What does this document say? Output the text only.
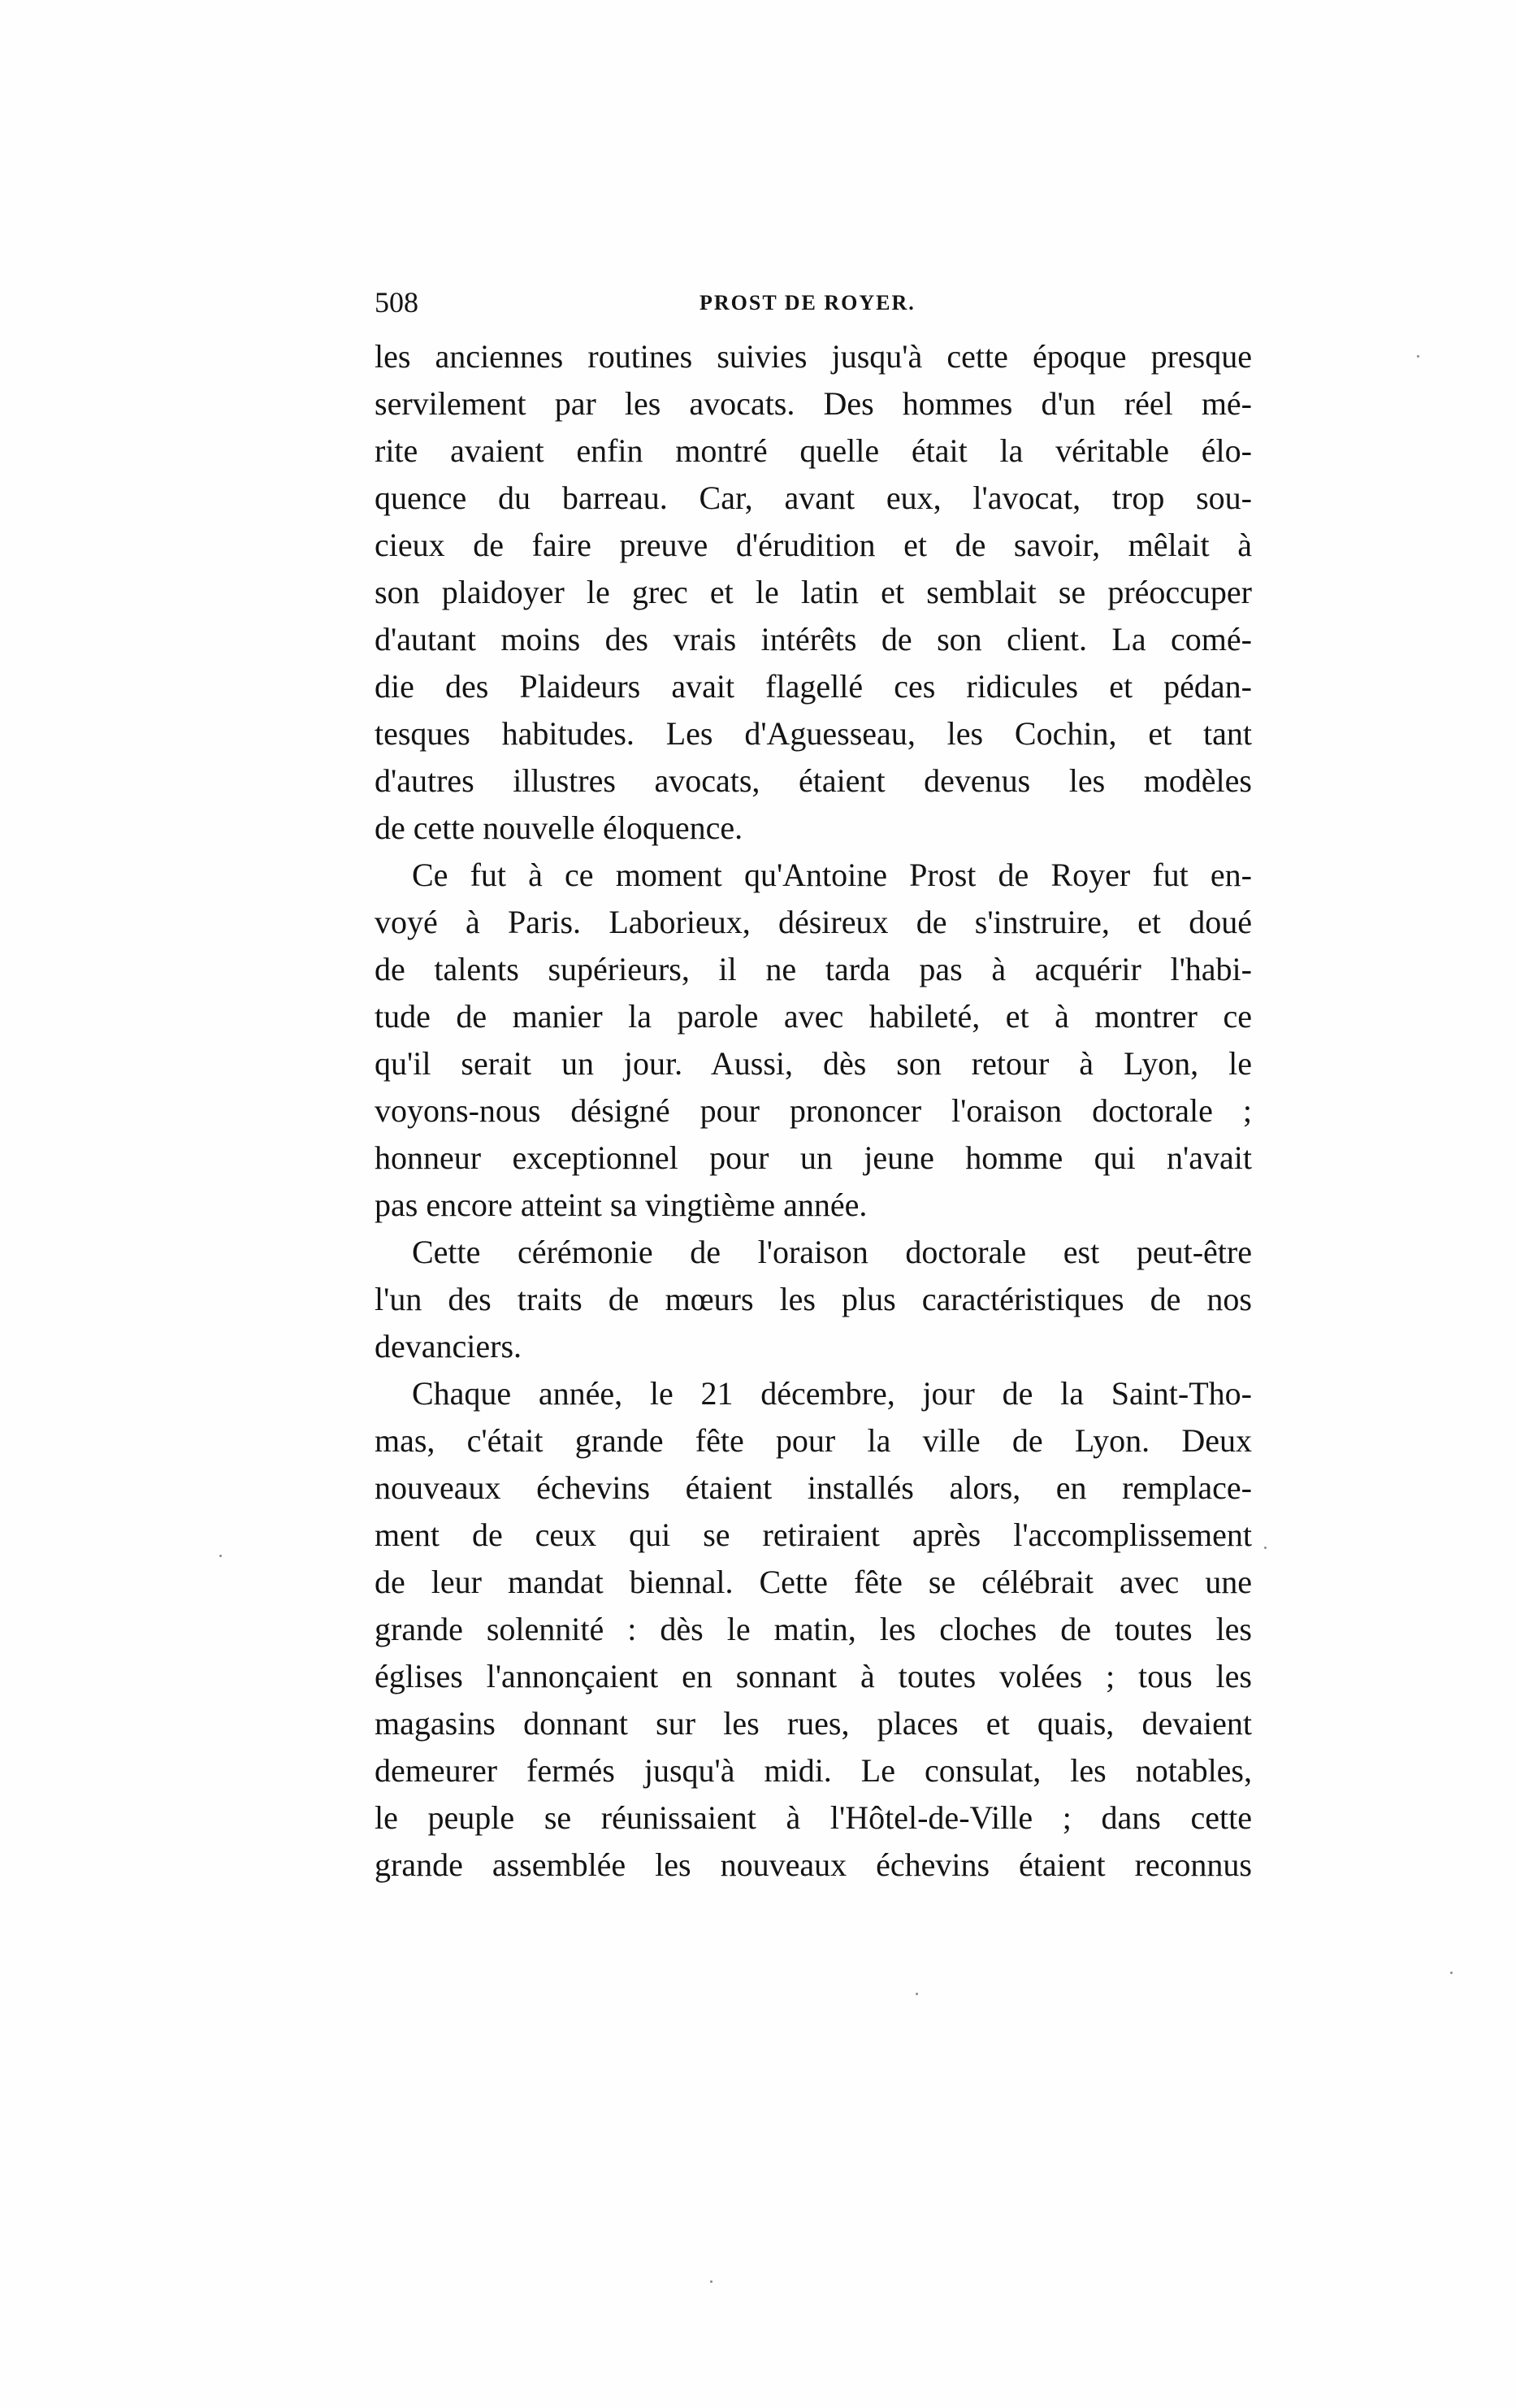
508	PROST DE ROYER.
les anciennes routines suivies jusqu'à cette époque presque
servilement par les avocats. Des hommes d'un réel mé-
rite avaient enfin montré quelle était la véritable élo-
quence du barreau. Car, avant eux, l'avocat, trop sou-
cieux de faire preuve d'érudition et de savoir, mêlait à
son plaidoyer le grec et le latin et semblait se préoccuper
d'autant moins des vrais intérêts de son client. La comé-
die des Plaideurs avait flagellé ces ridicules et pédan-
tesques habitudes. Les d'Aguesseau, les Cochin, et tant
d'autres illustres avocats, étaient devenus les modèles
de cette nouvelle éloquence.
Ce fut à ce moment qu'Antoine Prost de Royer fut en-
voyé à Paris. Laborieux, désireux de s'instruire, et doué
de talents supérieurs, il ne tarda pas à acquérir l'habi-
tude de manier la parole avec habileté, et à montrer ce
qu'il serait un jour. Aussi, dès son retour à Lyon, le
voyons-nous désigné pour prononcer l'oraison doctorale ;
honneur exceptionnel pour un jeune homme qui n'avait
pas encore atteint sa vingtième année.
Cette cérémonie de l'oraison doctorale est peut-être
l'un des traits de mœurs les plus caractéristiques de nos
devanciers.
Chaque année, le 21 décembre, jour de la Saint-Tho-
mas, c'était grande fête pour la ville de Lyon. Deux
nouveaux échevins étaient installés alors, en remplace-
ment de ceux qui se retiraient après l'accomplissement
de leur mandat biennal. Cette fête se célébrait avec une
grande solennité : dès le matin, les cloches de toutes les
églises l'annonçaient en sonnant à toutes volées ; tous les
magasins donnant sur les rues, places et quais, devaient
demeurer fermés jusqu'à midi. Le consulat, les notables,
le peuple se réunissaient à l'Hôtel-de-Ville ; dans cette
grande assemblée les nouveaux échevins étaient reconnus
